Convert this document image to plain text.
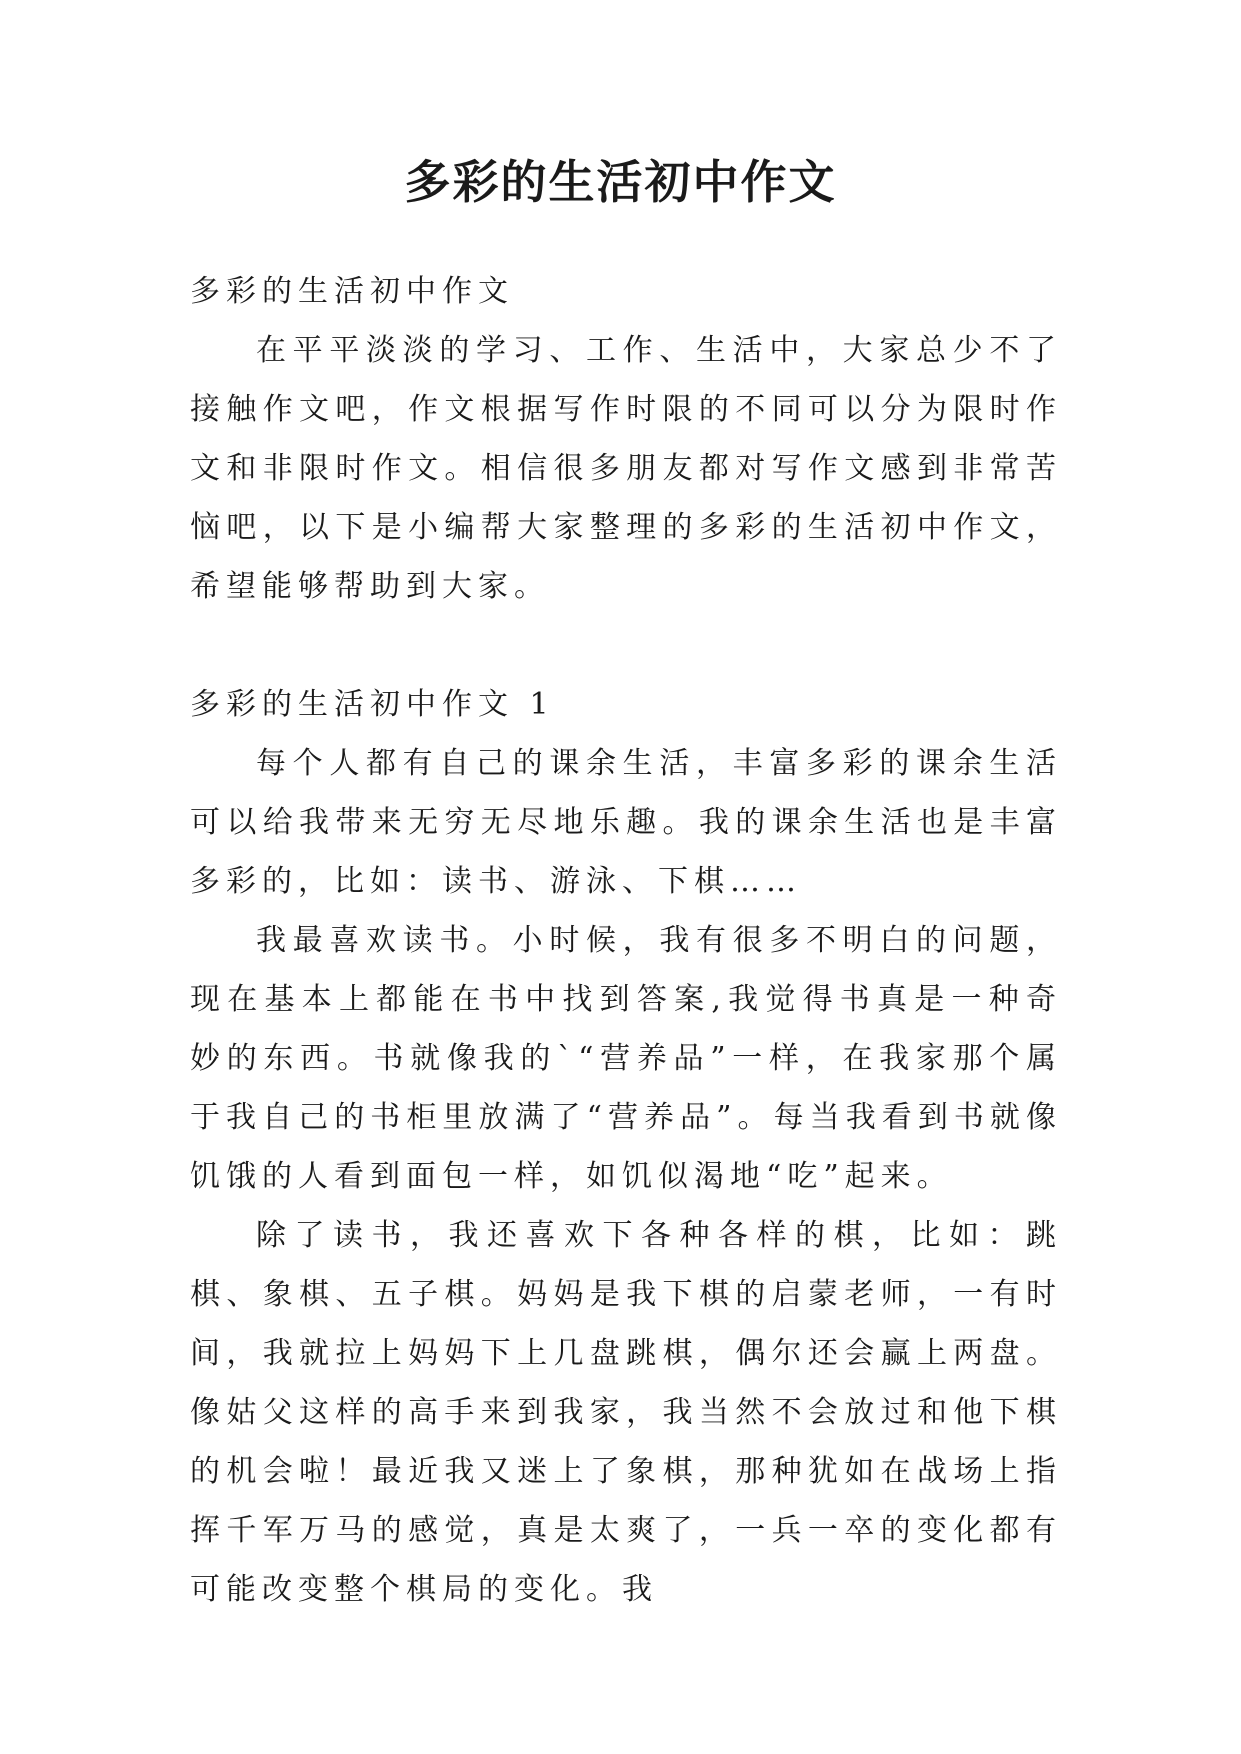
多彩的生活初中作文

多彩的生活初中作文

在平平淡淡的学习、工作、生活中，大家总少不了接触作文吧，作文根据写作时限的不同可以分为限时作文和非限时作文。相信很多朋友都对写作文感到非常苦恼吧，以下是小编帮大家整理的多彩的生活初中作文，希望能够帮助到大家。

多彩的生活初中作文 1

每个人都有自己的课余生活，丰富多彩的课余生活可以给我带来无穷无尽地乐趣。我的课余生活也是丰富多彩的，比如：读书、游泳、下棋……

我最喜欢读书。小时候，我有很多不明白的问题，现在基本上都能在书中找到答案,我觉得书真是一种奇妙的东西。书就像我的`“营养品”一样，在我家那个属于我自己的书柜里放满了“营养品”。每当我看到书就像饥饿的人看到面包一样，如饥似渴地“吃”起来。

除了读书，我还喜欢下各种各样的棋，比如：跳棋、象棋、五子棋。妈妈是我下棋的启蒙老师，一有时间，我就拉上妈妈下上几盘跳棋，偶尔还会赢上两盘。像姑父这样的高手来到我家，我当然不会放过和他下棋的机会啦！最近我又迷上了象棋，那种犹如在战场上指挥千军万马的感觉，真是太爽了，一兵一卒的变化都有可能改变整个棋局的变化。我
